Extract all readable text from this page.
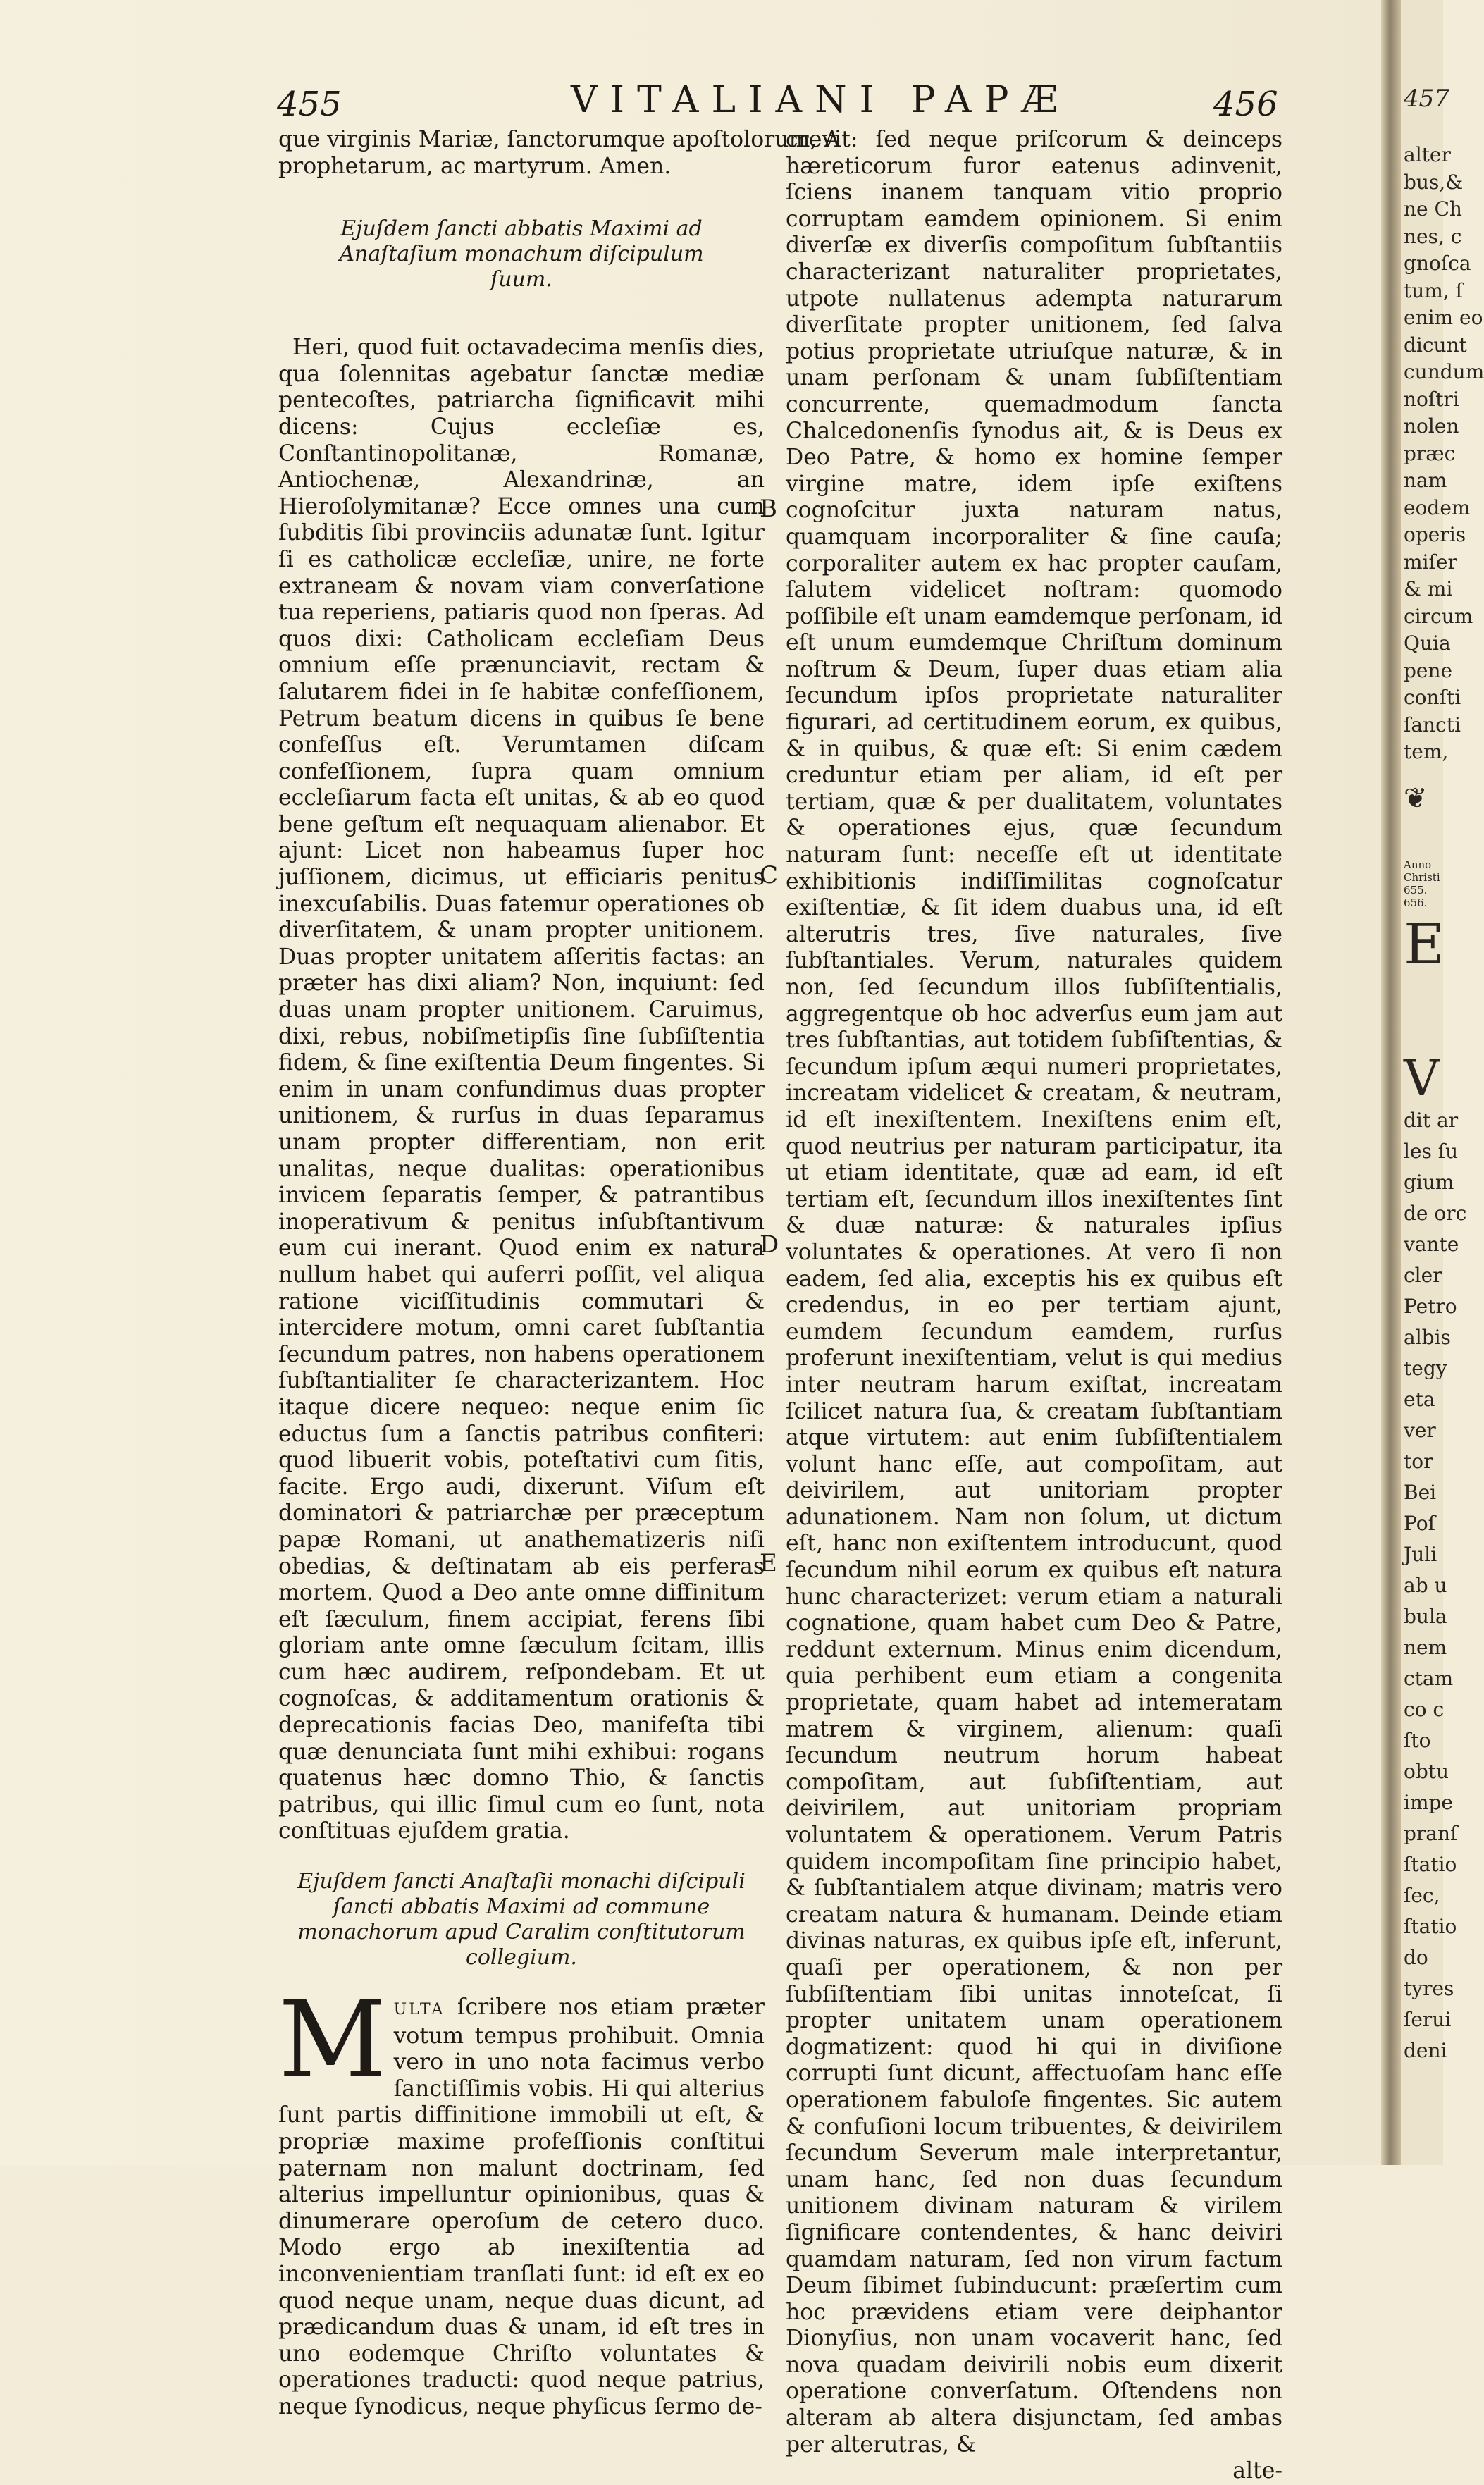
455	VITALIANI PAPÆ	456
que virginis Mariæ, ſanctorumque apoſtolorum, A
prophetarum, ac martyrum. Amen.
Ejuſdem ſancti abbatis Maximi ad Anaſtaſium monachum diſcipulum ſuum.
Heri, quod fuit octavadecima menſis dies, qua ſolennitas agebatur ſanctæ mediæ pentecoſtes, patriarcha ſignificavit mihi dicens: Cujus eccleſiæ es, Conſtantinopolitanæ, Romanæ, Antiochenæ, Alexandrinæ, an Hieroſolymitanæ? Ecce omnes una cum ſubditis ſibi provinciis adunatæ ſunt. Igitur ſi es catholicæ eccleſiæ, unire, ne forte extraneam & novam viam converſatione tua reperiens, patiaris quod non ſperas. Ad quos dixi: Catholicam eccleſiam Deus omnium eſſe prænunciavit, rectam & ſalutarem fidei in ſe habitæ confeſſionem, Petrum beatum dicens in quibus ſe bene confeſſus eſt. Verumtamen diſcam confeſſionem, ſupra quam omnium eccleſiarum facta eſt unitas, & ab eo quod bene geſtum eſt nequaquam alienabor. Et ajunt: Licet non habeamus ſuper hoc juſſionem, dicimus, ut efficiaris penitus inexcuſabilis. Duas fatemur operationes ob diverſitatem, & unam propter unitionem. Duas propter unitatem aſſeritis factas: an præter has dixi aliam? Non, inquiunt: ſed duas unam propter unitionem. Caruimus, dixi, rebus, nobiſmetipſis ſine ſubſiſtentia fidem, & ſine exiſtentia Deum fingentes. Si enim in unam confundimus duas propter unitionem, & rurſus in duas ſeparamus unam propter differentiam, non erit unalitas, neque dualitas: operationibus invicem ſeparatis ſemper, & patrantibus inoperativum & penitus inſubſtantivum eum cui inerant. Quod enim ex natura nullum habet qui auferri poſſit, vel aliqua ratione viciſſitudinis commutari & intercidere motum, omni caret ſubſtantia ſecundum patres, non habens operationem ſubſtantialiter ſe characterizantem. Hoc itaque dicere nequeo: neque enim ſic eductus ſum a ſanctis patribus confiteri: quod libuerit vobis, poteſtativi cum ſitis, facite. Ergo audi, dixerunt. Viſum eſt dominatori & patriarchæ per præceptum papæ Romani, ut anathematizeris niſi obedias, & deſtinatam ab eis perferas mortem. Quod a Deo ante omne diffinitum eſt ſæculum, finem accipiat, ferens ſibi gloriam ante omne ſæculum ſcitam, illis cum hæc audirem, reſpondebam. Et ut cognoſcas, & additamentum orationis & deprecationis facias Deo, manifeſta tibi quæ denunciata ſunt mihi exhibui: rogans quatenus hæc domno Thio, & ſanctis patribus, qui illic ſimul cum eo ſunt, nota conſtituas ejuſdem gratia.
Ejuſdem ſancti Anaſtaſii monachi diſcipuli ſancti abbatis Maximi ad commune monachorum apud Caralim conſtitutorum collegium.
MULTA ſcribere nos etiam præter votum tempus prohibuit. Omnia vero in uno nota facimus verbo ſanctiſſimis vobis. Hi qui alterius ſunt partis diffinitione immobili ut eſt, & propriæ maxime profeſſionis conſtitui paternam non malunt doctrinam, ſed alterius impelluntur opinionibus, quas & dinumerare operoſum de cetero duco. Modo ergo ab inexiſtentia ad inconvenientiam tranſlati ſunt: id eſt ex eo quod neque unam, neque duas dicunt, ad prædicandum duas & unam, id eſt tres in uno eodemque Chriſto voluntates & operationes traducti: quod neque patrius, neque ſynodicus, neque phyſicus ſermo de-
crevit: ſed neque priſcorum & deinceps hæreticorum furor eatenus adinvenit, ſciens inanem tanquam vitio proprio corruptam eamdem opinionem. Si enim diverſæ ex diverſis compoſitum ſubſtantiis characterizant naturaliter proprietates, utpote nullatenus adempta naturarum diverſitate propter unitionem, ſed ſalva potius proprietate utriuſque naturæ, & in unam perſonam & unam ſubſiſtentiam concurrente, quemadmodum ſancta Chalcedonenſis ſynodus ait, & is Deus ex Deo Patre, & homo ex homine ſemper virgine matre, idem ipſe exiſtens cognoſcitur juxta naturam natus, quamquam incorporaliter & ſine cauſa; corporaliter autem ex hac propter cauſam, ſalutem videlicet noſtram: quomodo poſſibile eſt unam eamdemque perſonam, id eſt unum eumdemque Chriſtum dominum noſtrum & Deum, ſuper duas etiam alia ſecundum ipſos proprietate naturaliter figurari, ad certitudinem eorum, ex quibus, & in quibus, & quæ eſt: Si enim cædem creduntur etiam per aliam, id eſt per tertiam, quæ & per dualitatem, voluntates & operationes ejus, quæ ſecundum naturam ſunt: neceſſe eſt ut identitate exhibitionis indiſſimilitas cognoſcatur exiſtentiæ, & ſit idem duabus una, id eſt alterutris tres, ſive naturales, ſive ſubſtantiales. Verum, naturales quidem non, ſed ſecundum illos ſubſiſtentialis, aggregentque ob hoc adverſus eum jam aut tres ſubſtantias, aut totidem ſubſiſtentias, & ſecundum ipſum æqui numeri proprietates, increatam videlicet & creatam, & neutram, id eſt inexiſtentem. Inexiſtens enim eſt, quod neutrius per naturam participatur, ita ut etiam identitate, quæ ad eam, id eſt tertiam eſt, ſecundum illos inexiſtentes ſint & duæ naturæ: & naturales ipſius voluntates & operationes. At vero ſi non eadem, ſed alia, exceptis his ex quibus eſt credendus, in eo per tertiam ajunt, eumdem ſecundum eamdem, rurſus proferunt inexiſtentiam, velut is qui medius inter neutram harum exiſtat, increatam ſcilicet natura ſua, & creatam ſubſtantiam atque virtutem: aut enim ſubſiſtentialem volunt hanc eſſe, aut compoſitam, aut deivirilem, aut unitoriam propter adunationem. Nam non ſolum, ut dictum eſt, hanc non exiſtentem introducunt, quod ſecundum nihil eorum ex quibus eſt natura hunc characterizet: verum etiam a naturali cognatione, quam habet cum Deo & Patre, reddunt externum. Minus enim dicendum, quia perhibent eum etiam a congenita proprietate, quam habet ad intemeratam matrem & virginem, alienum: quaſi ſecundum neutrum horum habeat compoſitam, aut ſubſiſtentiam, aut deivirilem, aut unitoriam propriam voluntatem & operationem. Verum Patris quidem incompoſitam ſine principio habet, & ſubſtantialem atque divinam; matris vero creatam natura & humanam. Deinde etiam divinas naturas, ex quibus ipſe eſt, inferunt, quaſi per operationem, & non per ſubſiſtentiam ſibi unitas innoteſcat, ſi propter unitatem unam operationem dogmatizent: quod hi qui in diviſione corrupti ſunt dicunt, affectuoſam hanc eſſe operationem fabuloſe fingentes. Sic autem & confuſioni locum tribuentes, & deivirilem ſecundum Severum male interpretantur, unam hanc, ſed non duas ſecundum unitionem divinam naturam & virilem ſignificare contendentes, & hanc deiviri quamdam naturam, ſed non virum factum Deum ſibimet ſubinducunt: præſertim cum hoc prævidens etiam vere deiphantor Dionyſius, non unam vocaverit hanc, ſed nova quadam deivirili nobis eum dixerit operatione converſatum. Oſtendens non alteram ab altera disjunctam, ſed ambas per alterutras, &
alte-
B
C
D
E
457
alter
bus,&
ne Ch
nes, c
gnoſca
tum, ſ
enim eo
dicunt
cundum
noſtri
nolen
præc
nam
eodem
operis
miſer
& mi
circum
Quia
pene
conſti
ſancti
tem,
❦
Anno Christi 655. 656.
E
V
dit ar
les ſu
gium
de orc
vante
cler
Petro
albis
tegy
eta
ver
tor
Bei
Poſ
Juli
ab u
bula
nem
ctam
co c
ſto
obtu
impe
pranſ
ſtatio
ſec,
ſtatio
do
tyres
ſerui
deni
